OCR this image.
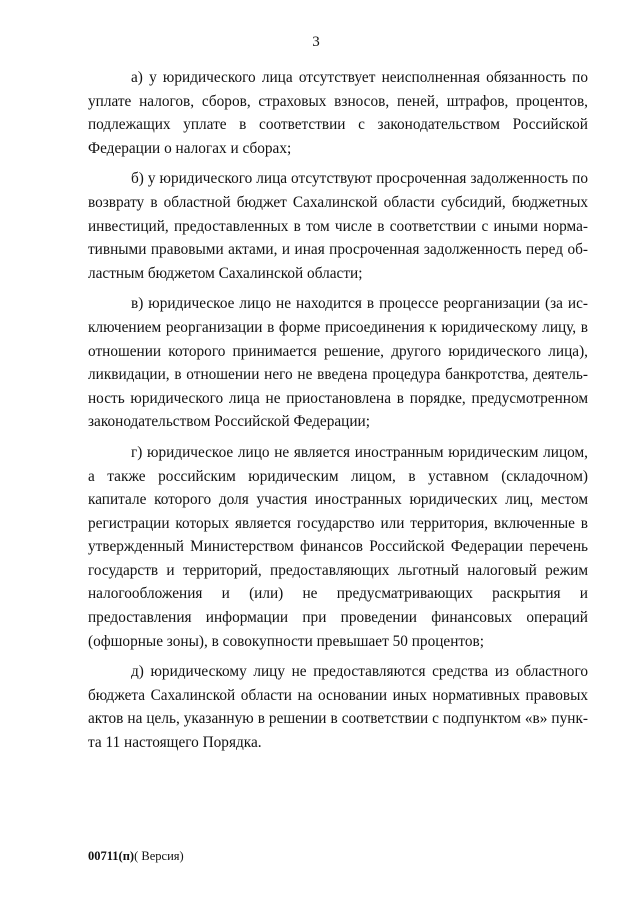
3

а) у юридического лица отсутствует неисполненная обязанность по уплате налогов, сборов, страховых взносов, пеней, штрафов, процентов, подлежащих уплате в соответствии с законодательством Российской Федерации о налогах и сборах;

б) у юридического лица отсутствуют просроченная задолженность по возврату в областной бюджет Сахалинской области субсидий, бюджетных инвестиций, предоставленных в том числе в соответствии с иными нормативными правовыми актами, и иная просроченная задолженность перед областным бюджетом Сахалинской области;

в) юридическое лицо не находится в процессе реорганизации (за исключением реорганизации в форме присоединения к юридическому лицу, в отношении которого принимается решение, другого юридического лица), ликвидации, в отношении него не введена процедура банкротства, деятельность юридического лица не приостановлена в порядке, предусмотренном законодательством Российской Федерации;

г) юридическое лицо не является иностранным юридическим лицом, а также российским юридическим лицом, в уставном (складочном) капитале которого доля участия иностранных юридических лиц, местом регистрации которых является государство или территория, включенные в утвержденный Министерством финансов Российской Федерации перечень государств и территорий, предоставляющих льготный налоговый режим налогообложения и (или) не предусматривающих раскрытия и предоставления информации при проведении финансовых операций (офшорные зоны), в совокупности превышает 50 процентов;

д) юридическому лицу не предоставляются средства из областного бюджета Сахалинской области на основании иных нормативных правовых актов на цель, указанную в решении в соответствии с подпунктом «в» пункта 11 настоящего Порядка.

00711(п)( Версия)
